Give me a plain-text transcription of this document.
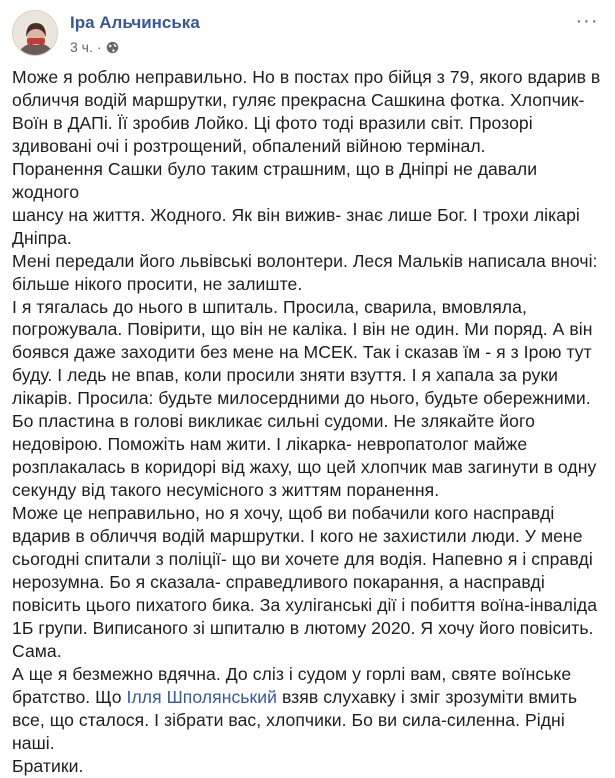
Іра Альчинська
3 ч. ·
···

Може я роблю неправильно. Но в постах про бійця з 79, якого вдарив в

обличчя водій маршрутки, гуляє прекрасна Сашкина фотка. Хлопчик-

Воїн в ДАПі. Її зробив Лойко. Ці фото тоді вразили світ. Прозорі

здивовані очі і розтрощений, обпалений війною термінал.

Поранення Сашки було таким страшним, що в Дніпрі не давали жодного

шансу на життя. Жодного. Як він вижив- знає лише Бог. І трохи лікарі

Дніпра.

Мені передали його львівські волонтери. Леся Мальків написала вночі:

більше нікого просити, не залиште.

І я тягалась до нього в шпиталь. Просила, сварила, вмовляла,

погрожувала. Повірити, що він не каліка. І він не один. Ми поряд. А він

боявся даже заходити без мене на МСЕК. Так і сказав їм - я з Ірою тут

буду. І ледь не впав, коли просили зняти взуття. І я хапала за руки

лікарів. Просила: будьте милосердними до нього, будьте обережними.

Бо пластина в голові викликає сильні судоми. Не злякайте його

недовірою. Поможіть нам жити. І лікарка- невропатолог майже

розплакалась в коридорі від жаху, що цей хлопчик мав загинути в одну

секунду від такого несумісного з життям поранення.

Може це неправильно, но я хочу, щоб ви побачили кого насправді

вдарив в обличчя водій маршрутки. І кого не захистили люди. У мене

сьогодні спитали з поліції- що ви хочете для водія. Напевно я і справді

нерозумна. Бо я сказала- справедливого покарання, а насправді

повісить цього пихатого бика. За хуліганські дії і побиття воїна-інваліда

1Б групи. Виписаного зі шпиталю в лютому 2020. Я хочу його повісить.

Сама.

А ще я безмежно вдячна. До сліз і судом у горлі вам, святе воїнське

братство. Що Ілля Шполянський взяв слухавку і зміг зрозуміти вмить

все, що сталося. І зібрати вас, хлопчики. Бо ви сила-силенна. Рідні наші.

Братики.
